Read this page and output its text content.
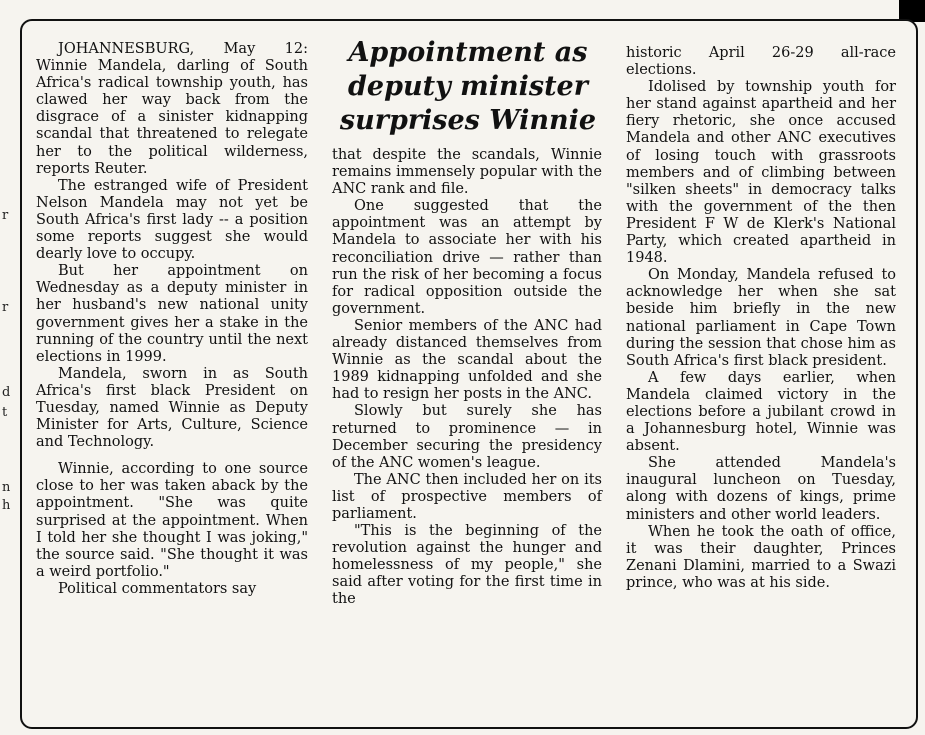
r
r
d
t
n
h
Appointment as
deputy minister
surprises Winnie

JOHANNESBURG, May 12: Winnie Mandela, darling of South Africa's radical township youth, has clawed her way back from the disgrace of a sinister kidnapping scandal that threatened to relegate her to the political wilderness, reports Reuter.

The estranged wife of President Nelson Mandela may not yet be South Africa's first lady -- a position some reports suggest she would dearly love to occupy.

But her appointment on Wednesday as a deputy minister in her husband's new national unity government gives her a stake in the running of the country until the next elections in 1999.

Mandela, sworn in as South Africa's first black President on Tuesday, named Winnie as Deputy Minister for Arts, Culture, Science and Technology.

Winnie, according to one source close to her was taken aback by the appointment. "She was quite surprised at the appointment. When I told her she thought I was joking," the source said. "She thought it was a weird portfolio."

Political commentators say

that despite the scandals, Winnie remains immensely popular with the ANC rank and file.

One suggested that the appointment was an attempt by Mandela to associate her with his reconciliation drive — rather than run the risk of her becoming a focus for radical opposition outside the government.

Senior members of the ANC had already distanced themselves from Winnie as the scandal about the 1989 kidnapping unfolded and she had to resign her posts in the ANC.

Slowly but surely she has returned to prominence — in December securing the presidency of the ANC women's league.

The ANC then included her on its list of prospective members of parliament.

"This is the beginning of the revolution against the hunger and homelessness of my people," she said after voting for the first time in the

historic April 26-29 all-race elections.

Idolised by township youth for her stand against apartheid and her fiery rhetoric, she once accused Mandela and other ANC executives of losing touch with grassroots members and of climbing between "silken sheets" in democracy talks with the government of the then President F W de Klerk's National Party, which created apartheid in 1948.

On Monday, Mandela refused to acknowledge her when she sat beside him briefly in the new national parliament in Cape Town during the session that chose him as South Africa's first black president.

A few days earlier, when Mandela claimed victory in the elections before a jubilant crowd in a Johannesburg hotel, Winnie was absent.

She attended Mandela's inaugural luncheon on Tuesday, along with dozens of kings, prime ministers and other world leaders.

When he took the oath of office, it was their daughter, Princes Zenani Dlamini, married to a Swazi prince, who was at his side.
